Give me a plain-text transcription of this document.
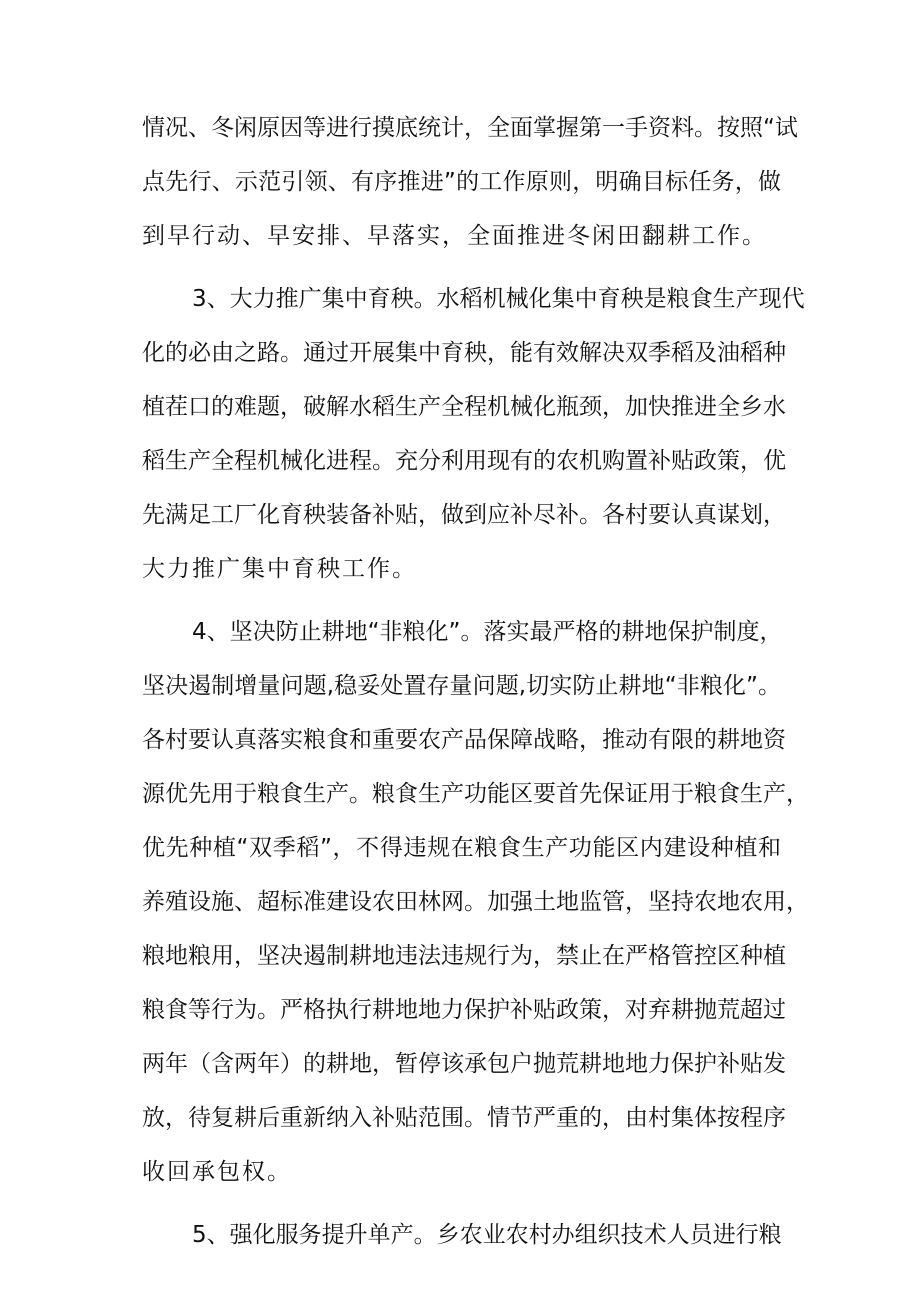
情况、冬闲原因等进行摸底统计，全面掌握第一手资料。按照“试
点先行、示范引领、有序推进”的工作原则，明确目标任务，做
到早行动、早安排、早落实，全面推进冬闲田翻耕工作。
3、大力推广集中育秧。水稻机械化集中育秧是粮食生产现代
化的必由之路。通过开展集中育秧，能有效解决双季稻及油稻种
植茬口的难题，破解水稻生产全程机械化瓶颈，加快推进全乡水
稻生产全程机械化进程。充分利用现有的农机购置补贴政策，优
先满足工厂化育秧装备补贴，做到应补尽补。各村要认真谋划，
大力推广集中育秧工作。
4、坚决防止耕地“非粮化”。落实最严格的耕地保护制度，
坚决遏制增量问题,稳妥处置存量问题,切实防止耕地“非粮化”。
各村要认真落实粮食和重要农产品保障战略，推动有限的耕地资
源优先用于粮食生产。粮食生产功能区要首先保证用于粮食生产，
优先种植“双季稻”，不得违规在粮食生产功能区内建设种植和
养殖设施、超标准建设农田林网。加强土地监管，坚持农地农用，
粮地粮用，坚决遏制耕地违法违规行为，禁止在严格管控区种植
粮食等行为。严格执行耕地地力保护补贴政策，对弃耕抛荒超过
两年（含两年）的耕地，暂停该承包户抛荒耕地地力保护补贴发
放，待复耕后重新纳入补贴范围。情节严重的，由村集体按程序
收回承包权。
5、强化服务提升单产。乡农业农村办组织技术人员进行粮
